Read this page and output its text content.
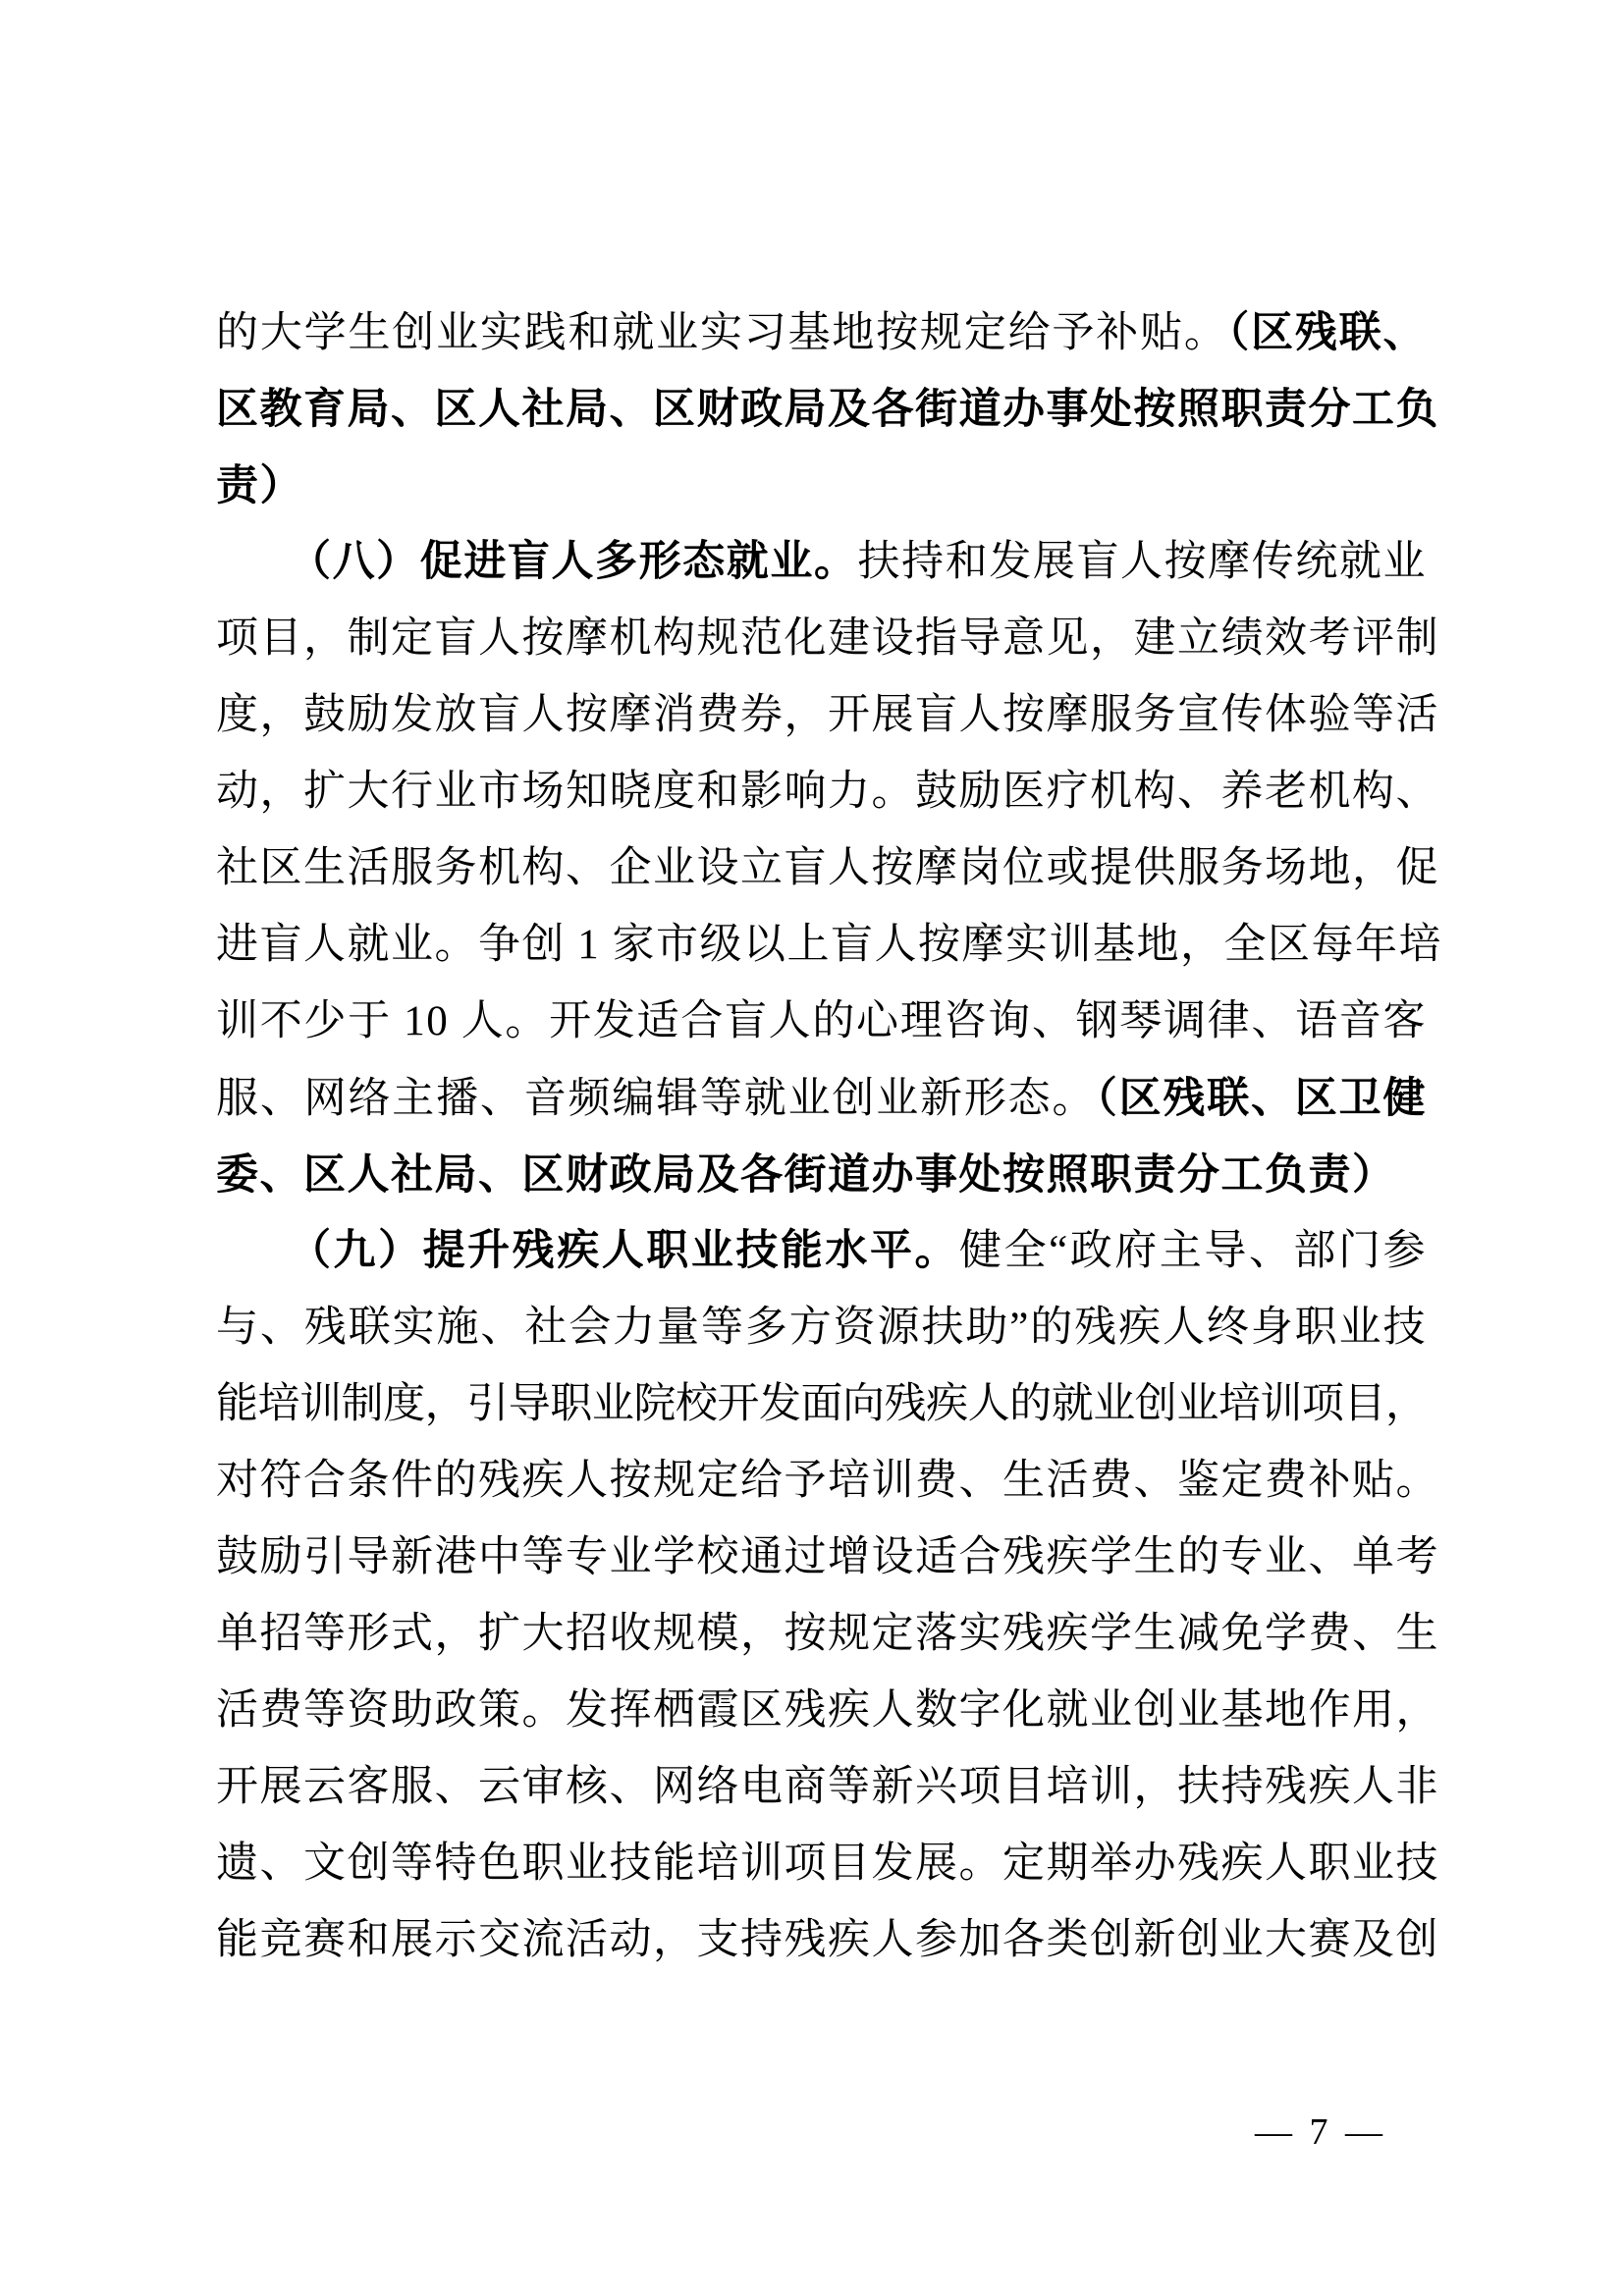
的大学生创业实践和就业实习基地按规定给予补贴。（区残联、
区教育局、区人社局、区财政局及各街道办事处按照职责分工负
责）
（八）促进盲人多形态就业。扶持和发展盲人按摩传统就业
项目，制定盲人按摩机构规范化建设指导意见，建立绩效考评制
度，鼓励发放盲人按摩消费券，开展盲人按摩服务宣传体验等活
动，扩大行业市场知晓度和影响力。鼓励医疗机构、养老机构、
社区生活服务机构、企业设立盲人按摩岗位或提供服务场地，促
进盲人就业。争创 1 家市级以上盲人按摩实训基地，全区每年培
训不少于 10 人。开发适合盲人的心理咨询、钢琴调律、语音客
服、网络主播、音频编辑等就业创业新形态。（区残联、区卫健
委、区人社局、区财政局及各街道办事处按照职责分工负责）
（九）提升残疾人职业技能水平。健全“政府主导、部门参
与、残联实施、社会力量等多方资源扶助”的残疾人终身职业技
能培训制度，引导职业院校开发面向残疾人的就业创业培训项目，
对符合条件的残疾人按规定给予培训费、生活费、鉴定费补贴。
鼓励引导新港中等专业学校通过增设适合残疾学生的专业、单考
单招等形式，扩大招收规模，按规定落实残疾学生减免学费、生
活费等资助政策。发挥栖霞区残疾人数字化就业创业基地作用，
开展云客服、云审核、网络电商等新兴项目培训，扶持残疾人非
遗、文创等特色职业技能培训项目发展。定期举办残疾人职业技
能竞赛和展示交流活动，支持残疾人参加各类创新创业大赛及创
— 7 —
